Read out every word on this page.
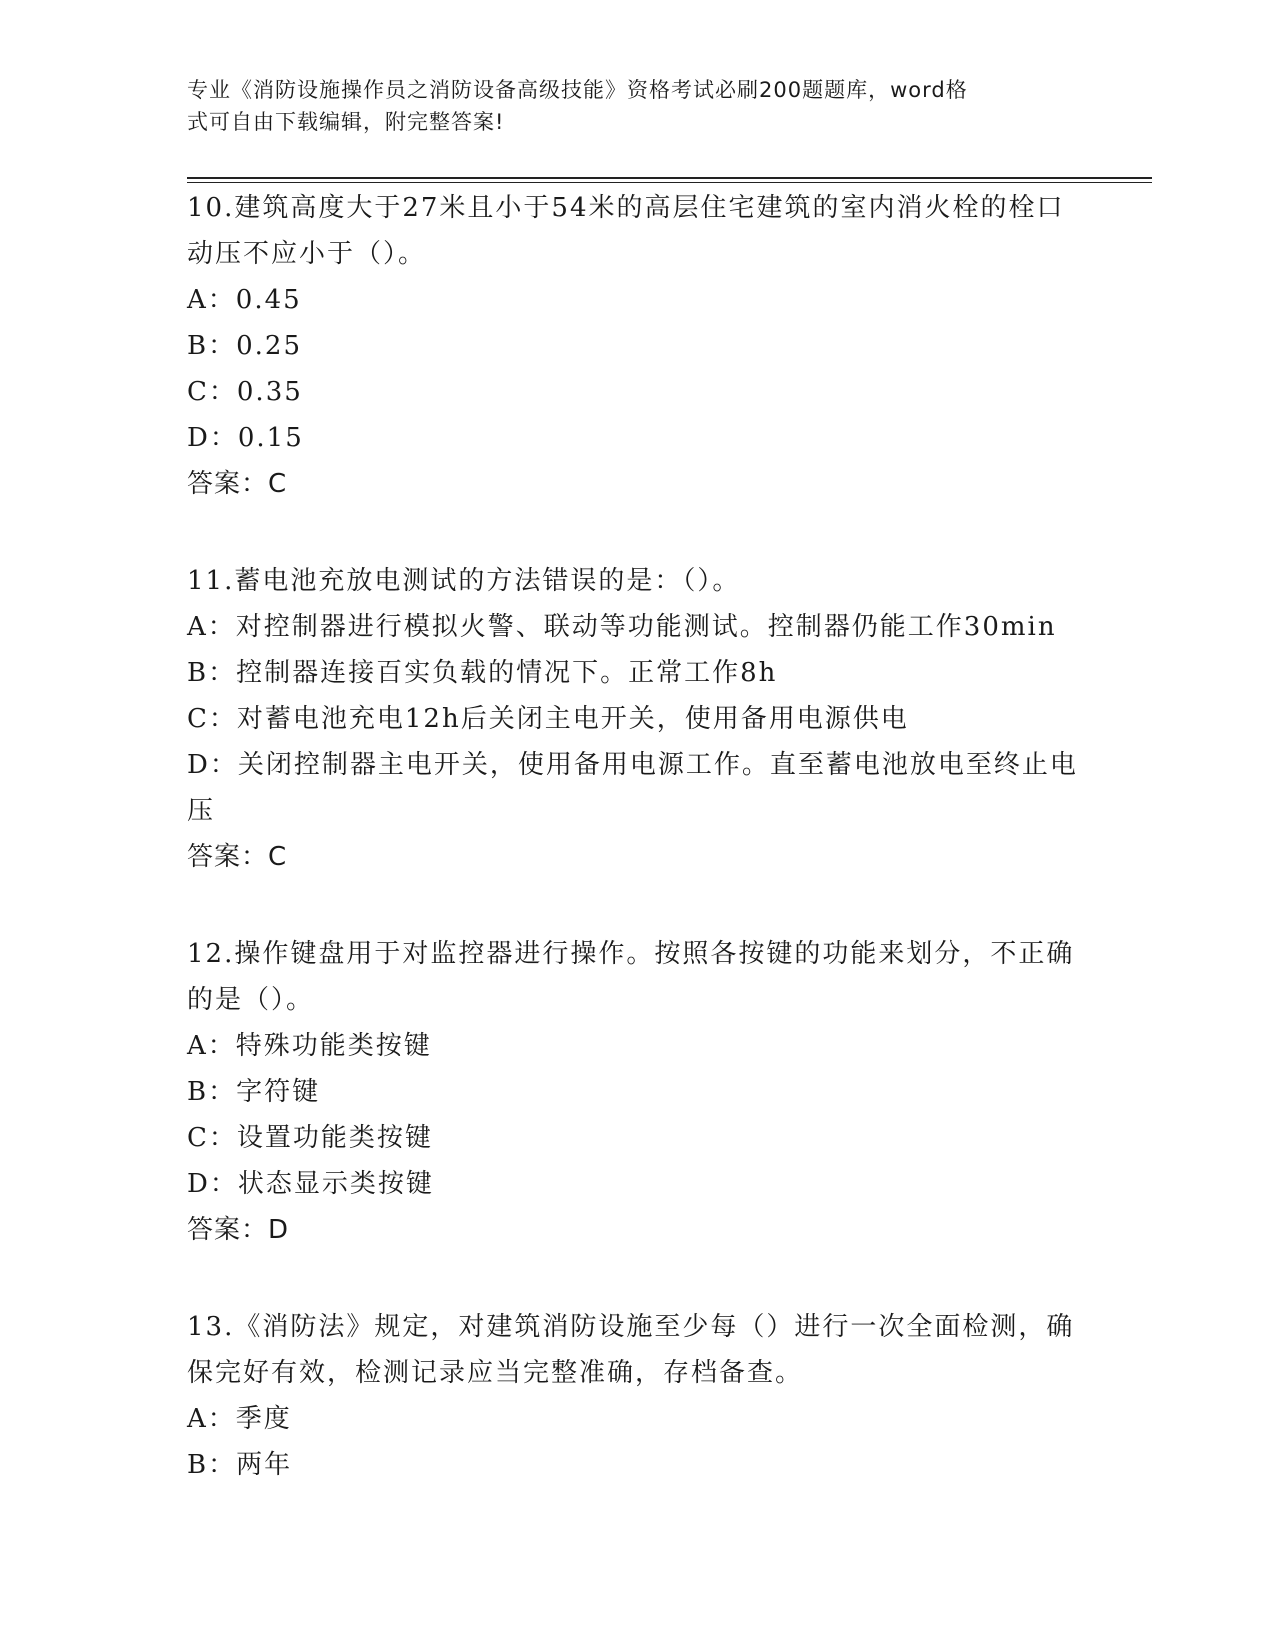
专业《消防设施操作员之消防设备高级技能》资格考试必刷200题题库，word格
式可自由下载编辑，附完整答案!
10.建筑高度大于27米且小于54米的高层住宅建筑的室内消火栓的栓口动压不应小于（）。
A：0.45
B：0.25
C：0.35
D：0.15
答案：C
11.蓄电池充放电测试的方法错误的是：（）。
A：对控制器进行模拟火警、联动等功能测试。控制器仍能工作30min
B：控制器连接百实负载的情况下。正常工作8h
C：对蓄电池充电12h后关闭主电开关，使用备用电源供电
D：关闭控制器主电开关，使用备用电源工作。直至蓄电池放电至终止电压
答案：C
12.操作键盘用于对监控器进行操作。按照各按键的功能来划分，不正确的是（）。
A：特殊功能类按键
B：字符键
C：设置功能类按键
D：状态显示类按键
答案：D
13.《消防法》规定，对建筑消防设施至少每（）进行一次全面检测，确保完好有效，检测记录应当完整准确，存档备查。
A：季度
B：两年
